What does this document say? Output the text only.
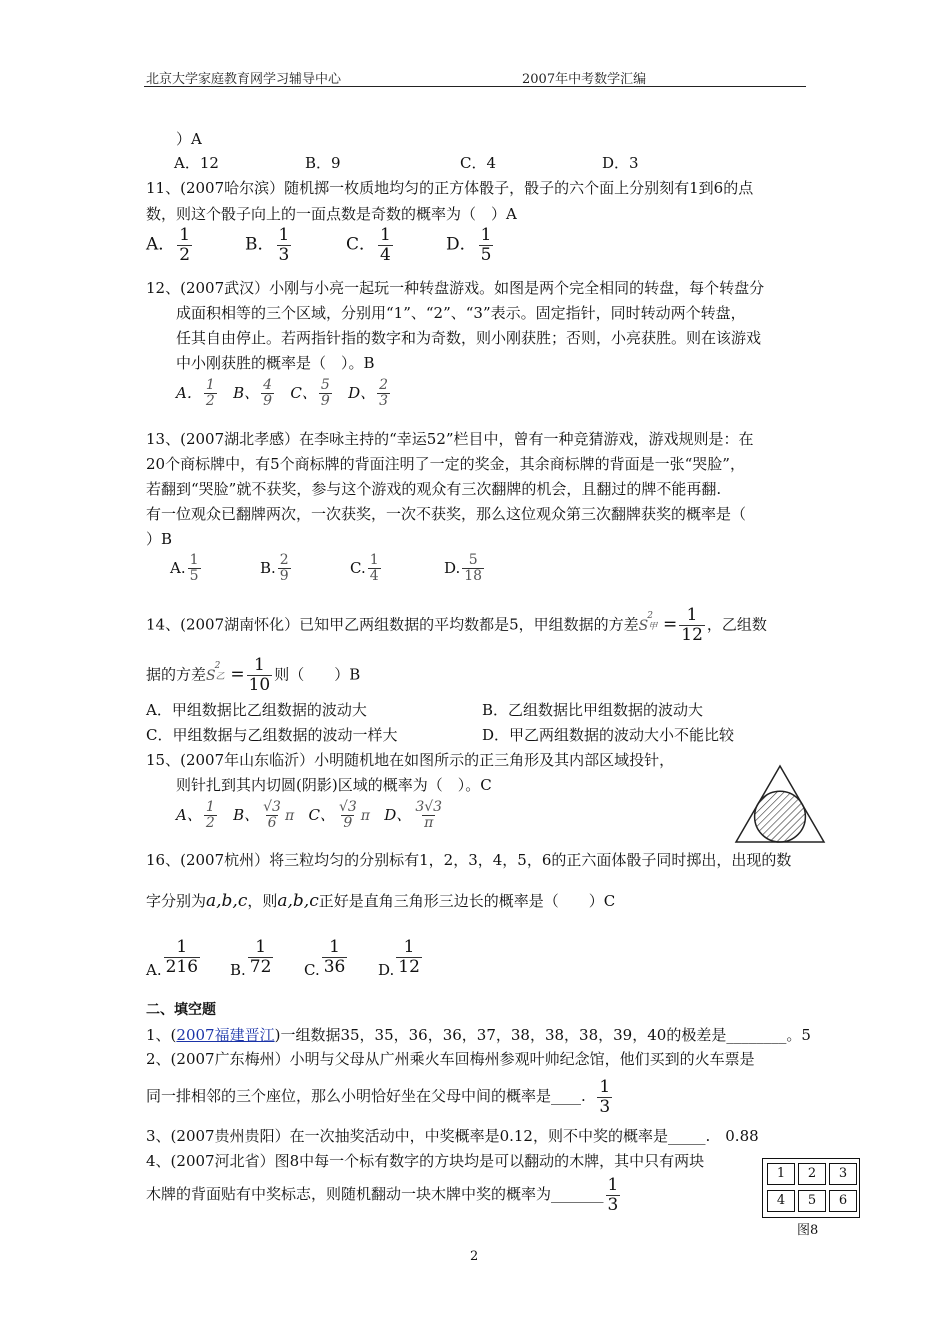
北京大学家庭教育网学习辅导中心	2007年中考数学汇编
）A
A．12	B．9	C．4	D．3
11、(2007哈尔滨）随机掷一枚质地均匀的正方体骰子，骰子的六个面上分别刻有1到6的点
数，则这个骰子向上的一面点数是奇数的概率为（　）A
A． $\frac{1}{2}$	B． $\frac{1}{3}$	C． $\frac{1}{4}$	D． $\frac{1}{5}$
12、(2007武汉）小刚与小亮一起玩一种转盘游戏。如图是两个完全相同的转盘，每个转盘分
成面积相等的三个区域，分别用“1”、“2”、“3”表示。固定指针，同时转动两个转盘，
任其自由停止。若两指针指的数字和为奇数，则小刚获胜；否则，小亮获胜。则在该游戏
中小刚获胜的概率是（　）。B
A． $\frac{1}{2}$ B、 $\frac{4}{9}$ C、 $\frac{5}{9}$ D、 $\frac{2}{3}$
13、(2007湖北孝感）在李咏主持的“幸运52”栏目中，曾有一种竞猜游戏，游戏规则是：在
20个商标牌中，有5个商标牌的背面注明了一定的奖金，其余商标牌的背面是一张“哭脸”，
若翻到“哭脸”就不获奖，参与这个游戏的观众有三次翻牌的机会，且翻过的牌不能再翻.
有一位观众已翻牌两次，一次获奖，一次不获奖，那么这位观众第三次翻牌获奖的概率是（
）B
A. $\frac{1}{5}$	B. $\frac{2}{9}$	C. $\frac{1}{4}$	D. $\frac{5}{18}$
14、(2007湖南怀化）已知甲乙两组数据的平均数都是5，甲组数据的方差$S_甲^2 = \frac{1}{12}$ ，乙组数
据的方差$S_乙^2 = \frac{1}{10}$ 则（　　）B
A．甲组数据比乙组数据的波动大	B．乙组数据比甲组数据的波动大
C．甲组数据与乙组数据的波动一样大	D．甲乙两组数据的波动大小不能比较
15、(2007年山东临沂）小明随机地在如图所示的正三角形及其内部区域投针，
则针扎到其内切圆(阴影)区域的概率为（　）。C
A、 $\frac{1}{2}$ B、 $\frac{√3}{6}$ π C、 $\frac{√3}{9}$ π D、 $\frac{3√3}{\pi}$
16、(2007杭州）将三粒均匀的分别标有1，2，3，4，5，6的正六面体骰子同时掷出，出现的数
字分别为a,b,c，则a,b,c正好是直角三角形三边长的概率是（　　）C
A. $\frac{1}{216} B$. $\frac{1}{72} C$. $\frac{1}{36} D$. $\frac{1}{12}$
二、填空题
1、(2007福建晋江)一组数据35，35，36，36，37，38，38，38，39，40的极差是________。5
2、(2007广东梅州）小明与父母从广州乘火车回梅州参观叶帅纪念馆，他们买到的火车票是
同一排相邻的三个座位，那么小明恰好坐在父母中间的概率是____. $\frac{1}{3}$
3、(2007贵州贵阳）在一次抽奖活动中，中奖概率是0.12，则不中奖的概率是_____.　0.88
4、(2007河北省）图8中每一个标有数字的方块均是可以翻动的木牌，其中只有两块
木牌的背面贴有中奖标志，则随机翻动一块木牌中奖的概率为_______ $\frac{1}{3}$
1	2	3
4	5	6
图8
2
